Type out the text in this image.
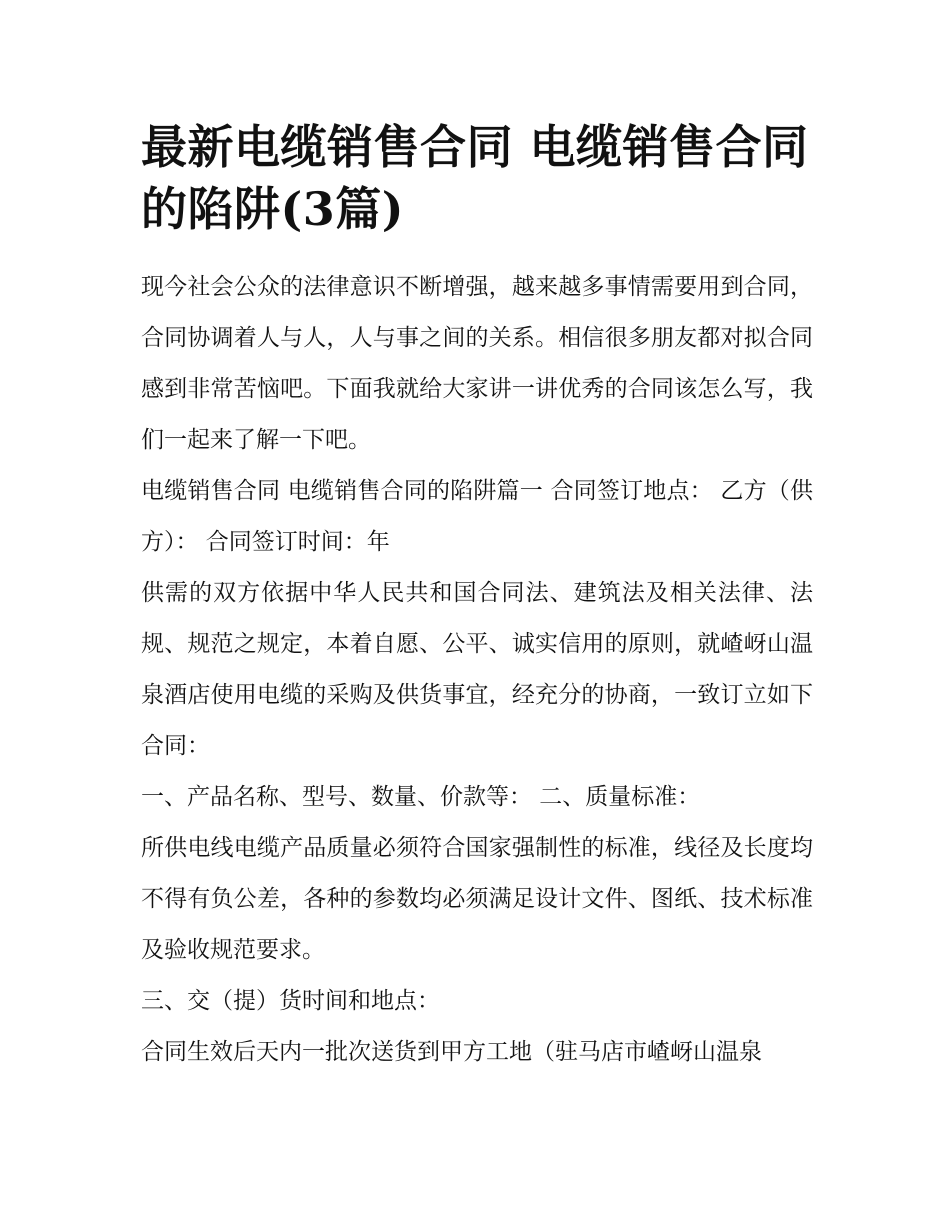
最新电缆销售合同 电缆销售合同的陷阱(3篇)

现今社会公众的法律意识不断增强，越来越多事情需要用到合同，合同协调着人与人，人与事之间的关系。相信很多朋友都对拟合同感到非常苦恼吧。下面我就给大家讲一讲优秀的合同该怎么写，我们一起来了解一下吧。

电缆销售合同 电缆销售合同的陷阱篇一 合同签订地点： 乙方（供方）： 合同签订时间：年

供需的双方依据中华人民共和国合同法、建筑法及相关法律、法规、规范之规定，本着自愿、公平、诚实信用的原则，就嵖岈山温泉酒店使用电缆的采购及供货事宜，经充分的协商，一致订立如下合同：

一、产品名称、型号、数量、价款等： 二、质量标准：

所供电线电缆产品质量必须符合国家强制性的标准，线径及长度均不得有负公差，各种的参数均必须满足设计文件、图纸、技术标准及验收规范要求。

三、交（提）货时间和地点：

合同生效后天内一批次送货到甲方工地（驻马店市嵖岈山温泉
